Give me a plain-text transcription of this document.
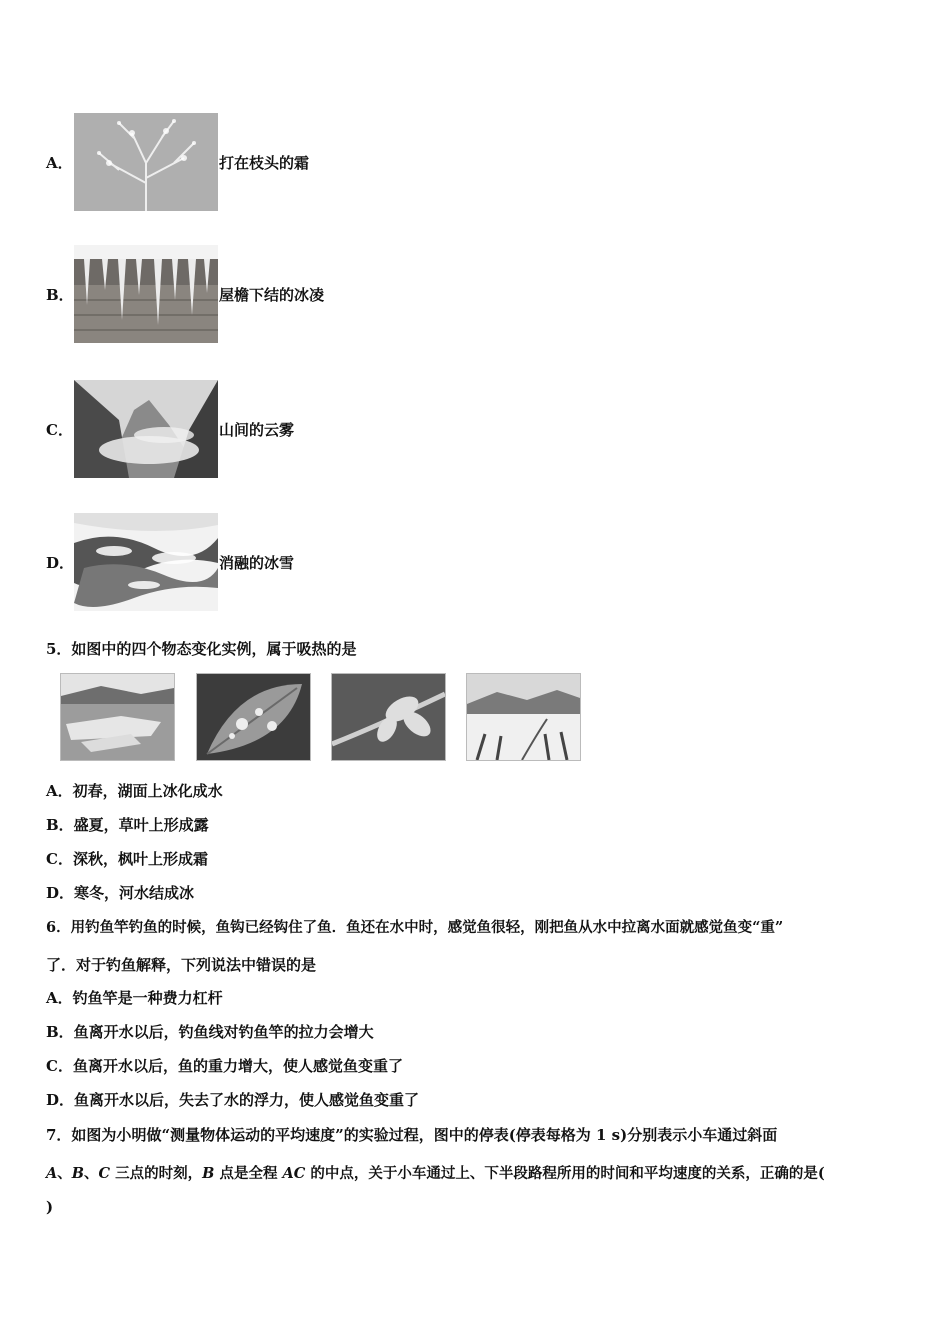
A．	打在枝头的霜
B．	屋檐下结的冰凌
C．	山间的云雾
D．	消融的冰雪
5．如图中的四个物态变化实例，属于吸热的是
A．初春，湖面上冰化成水
B．盛夏，草叶上形成露
C．深秋，枫叶上形成霜
D．寒冬，河水结成冰
6．用钓鱼竿钓鱼的时候，鱼钩已经钩住了鱼．鱼还在水中时，感觉鱼很轻，刚把鱼从水中拉离水面就感觉鱼变“重”
了．对于钓鱼解释，下列说法中错误的是
A．钓鱼竿是一种费力杠杆
B．鱼离开水以后，钓鱼线对钓鱼竿的拉力会增大
C．鱼离开水以后，鱼的重力增大，使人感觉鱼变重了
D．鱼离开水以后，失去了水的浮力，使人感觉鱼变重了
7．如图为小明做“测量物体运动的平均速度”的实验过程，图中的停表(停表每格为 1 s)分别表示小车通过斜面
A、B、C 三点的时刻，B 点是全程 AC 的中点，关于小车通过上、下半段路程所用的时间和平均速度的关系，正确的是(
)
